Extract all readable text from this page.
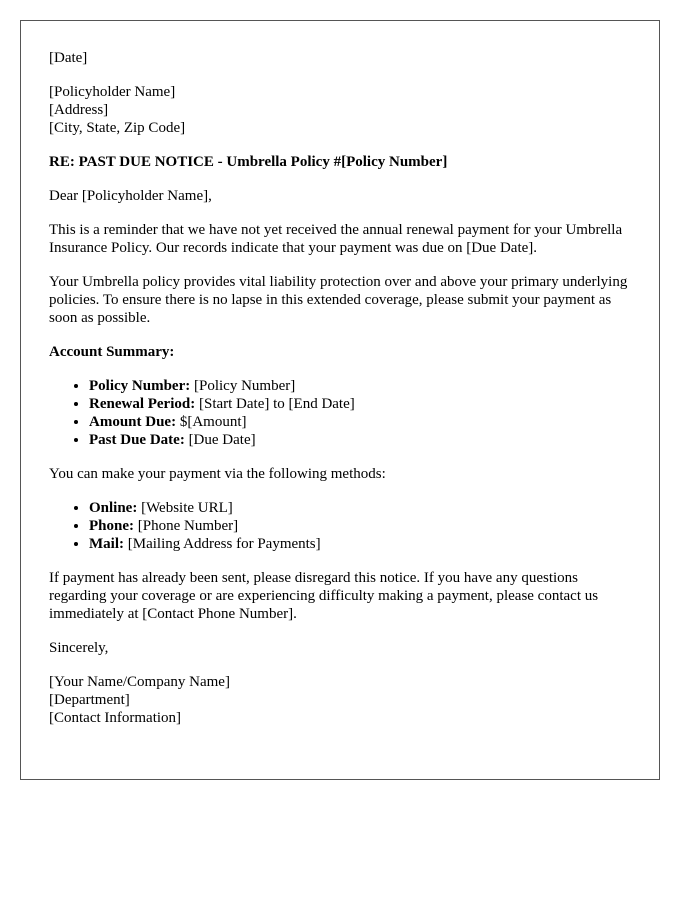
[Date]

[Policyholder Name]

[Address]

[City, State, Zip Code]

RE: PAST DUE NOTICE - Umbrella Policy #[Policy Number]

Dear [Policyholder Name],

This is a reminder that we have not yet received the annual renewal payment for your Umbrella Insurance Policy. Our records indicate that your payment was due on [Due Date].

Your Umbrella policy provides vital liability protection over and above your primary underlying policies. To ensure there is no lapse in this extended coverage, please submit your payment as soon as possible.

Account Summary:

• Policy Number: [Policy Number]
• Renewal Period: [Start Date] to [End Date]
• Amount Due: $[Amount]
• Past Due Date: [Due Date]

You can make your payment via the following methods:

• Online: [Website URL]
• Phone: [Phone Number]
• Mail: [Mailing Address for Payments]

If payment has already been sent, please disregard this notice. If you have any questions regarding your coverage or are experiencing difficulty making a payment, please contact us immediately at [Contact Phone Number].

Sincerely,

[Your Name/Company Name]

[Department]

[Contact Information]
